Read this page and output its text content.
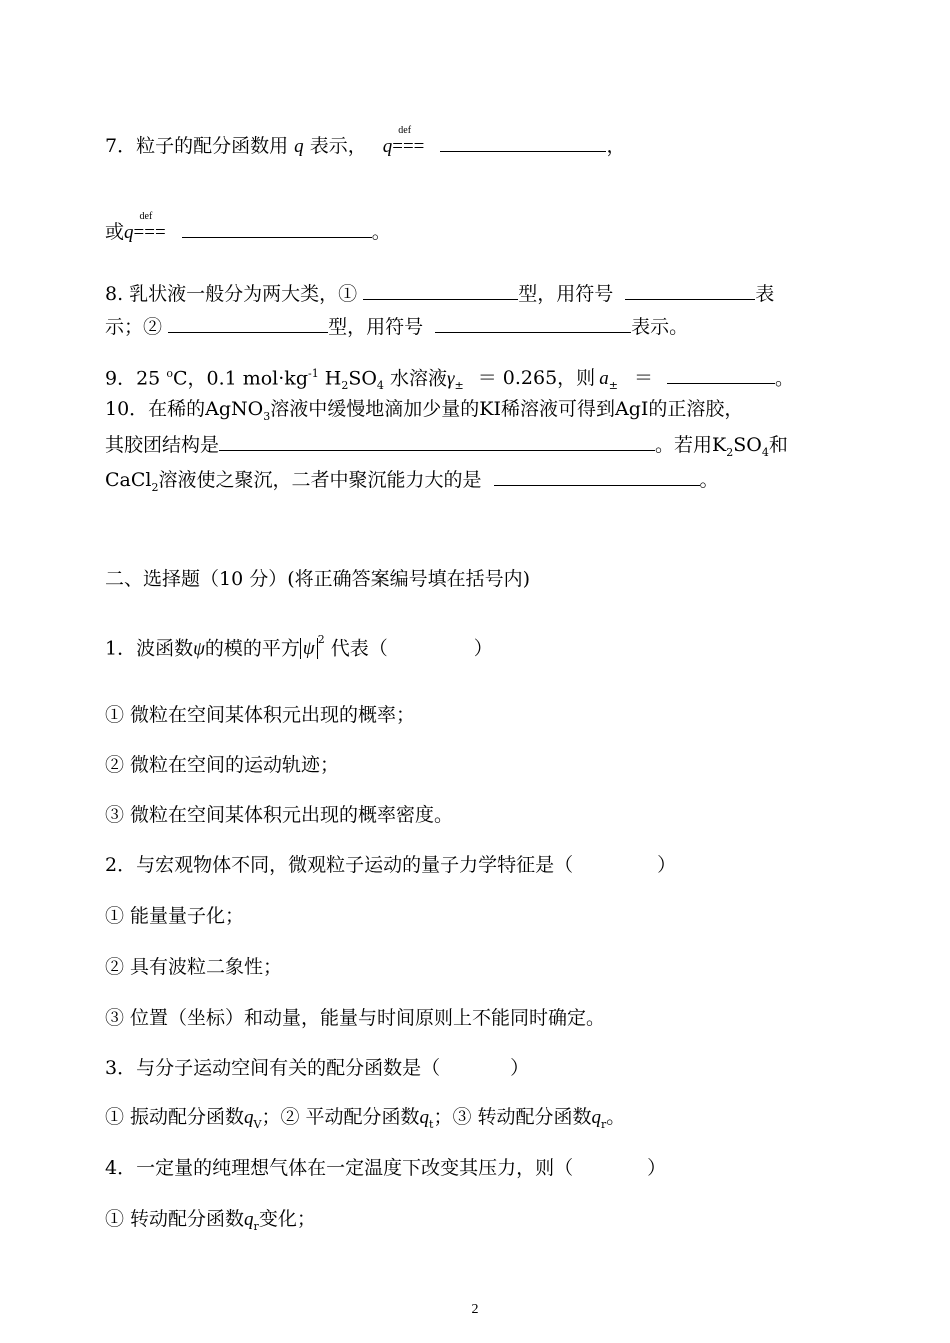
7．粒子的配分函数用 q 表示， q
def
===	，
或q
def
===	。
8. 乳状液一般分为两大类，①	型，用符号	表
示；②	型，用符号	表示。
9．25 $^o$C，0.1 $mol\cdot kg^{-1}$ $H_2SO_4$ 水溶液$\gamma_\pm = 0.265$，则 $a_\pm$ ＝	。
10．在稀的AgNO$_3$溶液中缓慢地滴加少量的KI稀溶液可得到AgI的正溶胶，
其胶团结构是	。若用$K_2SO_4$和
CaCl$_2$溶液使之聚沉，二者中聚沉能力大的是	。
二、选择题（10 分）(将正确答案编号填在括号内)
1．波函数ψ的模的平方 ψ $^2$ 代表（	）
① 微粒在空间某体积元出现的概率；
② 微粒在空间的运动轨迹；
③ 微粒在空间某体积元出现的概率密度。
2．与宏观物体不同，微观粒子运动的量子力学特征是（	）
① 能量量子化；
② 具有波粒二象性；
③ 位置（坐标）和动量，能量与时间原则上不能同时确定。
3．与分子运动空间有关的配分函数是（	）
① 振动配分函数$q_V$；② 平动配分函数$q_t$；③ 转动配分函数$q_r$。
4．一定量的纯理想气体在一定温度下改变其压力，则（	）
① 转动配分函数$q_r$变化；
2
